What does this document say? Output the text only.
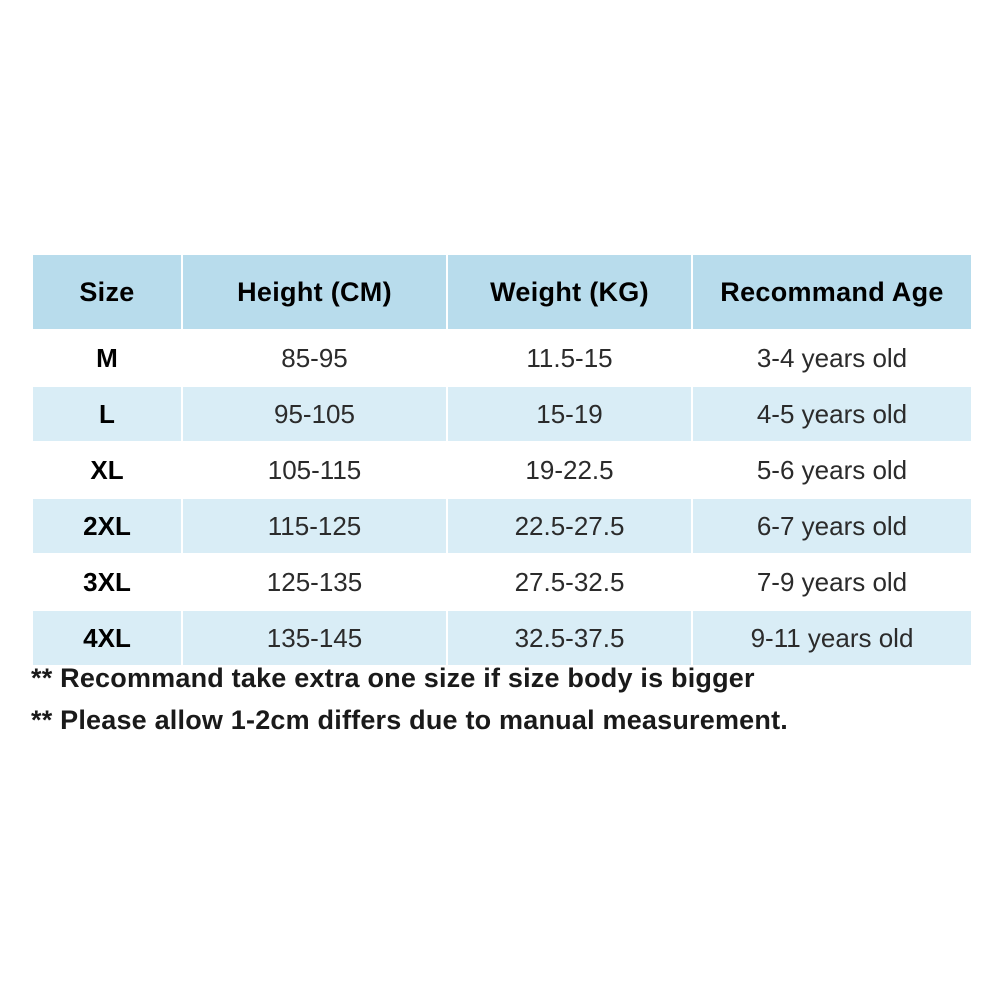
Size	Height (CM)	Weight (KG)	Recommand Age
M	85-95	11.5-15	3-4 years old
L	95-105	15-19	4-5 years old
XL	105-115	19-22.5	5-6 years old
2XL	115-125	22.5-27.5	6-7 years old
3XL	125-135	27.5-32.5	7-9 years old
4XL	135-145	32.5-37.5	9-11 years old
** Recommand take extra one size if size body is bigger
** Please allow 1-2cm differs due to manual measurement.
